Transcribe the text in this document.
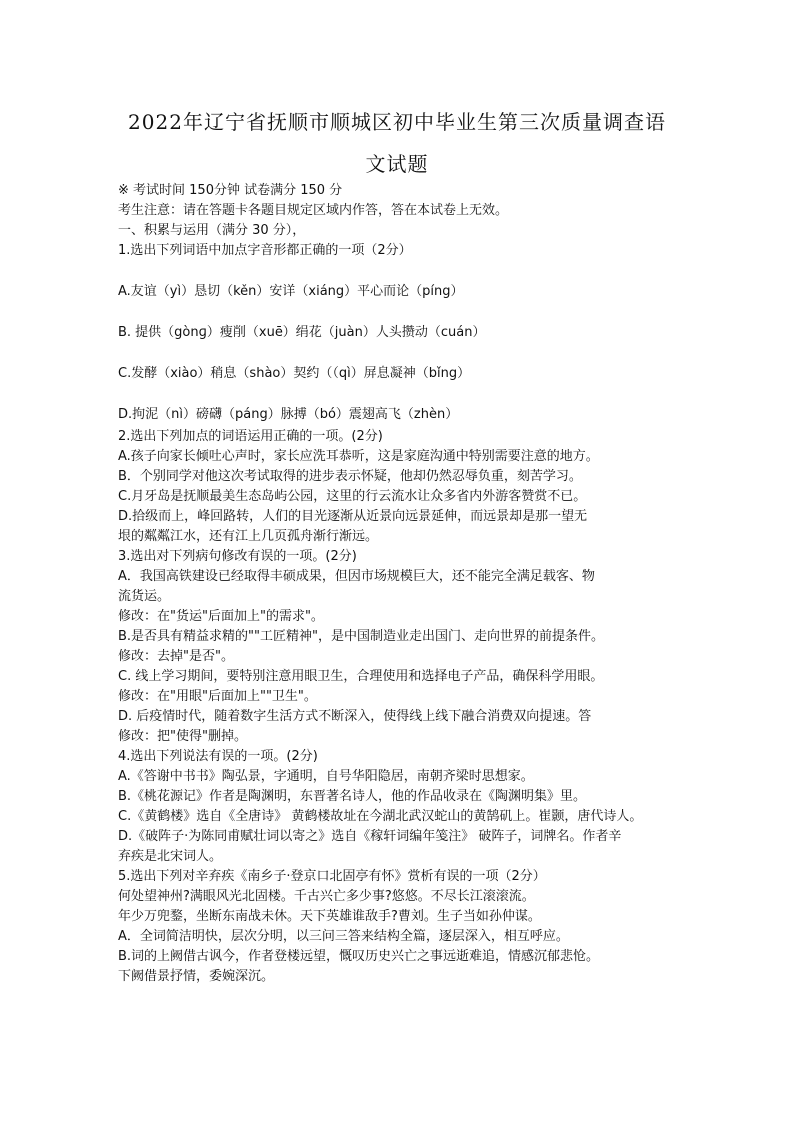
2022年辽宁省抚顺市顺城区初中毕业生第三次质量调查语
文试题
※ 考试时间 150分钟 试卷满分 150 分
考生注意：请在答题卡各题目规定区域内作答，答在本试卷上无效。
一、积累与运用（满分 30 分），
1.选出下列词语中加点字音形都正确的一项（2分）
A.友谊（yì）恳切（kěn）安详（xiáng）平心而论（píng）
B. 提供（gònɡ）瘦削（xuē）绢花（juàn）人头攒动（cuán）
C.发酵（xiào）稍息（shào）契约（（qì）屏息凝神（bǐng）
D.拘泥（nì）磅礴（páng）脉搏（bó）震翅高飞（zhèn）
2.选出下列加点的词语运用正确的一项。(2分)
A.孩子向家长倾吐心声时，家长应洗耳恭听，这是家庭沟通中特别需要注意的地方。
B．个别同学对他这次考试取得的进步表示怀疑，他却仍然忍辱负重，刻苦学习。
C.月牙岛是抚顺最美生态岛屿公园，这里的行云流水让众多省内外游客赞赏不已。
D.拾级而上，峰回路转，人们的目光逐渐从近景向远景延伸，而远景却是那一望无
垠的粼粼江水，还有江上几页孤舟渐行渐远。
3.选出对下列病句修改有误的一项。(2分)
A．我国高铁建设已经取得丰硕成果，但因市场规模巨大，还不能完全满足载客、物
流货运。
修改：在"货运"后面加上"的需求"。
B.是否具有精益求精的""工匠精神"，是中国制造业走出国门、走向世界的前提条件。
修改：去掉"是否"。
C. 线上学习期间，要特别注意用眼卫生，合理使用和选择电子产品，确保科学用眼。
修改：在"用眼"后面加上""卫生"。
D. 后疫情时代，随着数字生活方式不断深入，使得线上线下融合消费双向提速。答
修改：把"使得"删掉。
4.选出下列说法有误的一项。(2分)
A.《答谢中书书》陶弘景，字通明，自号华阳隐居，南朝齐梁时思想家。
B.《桃花源记》作者是陶渊明，东晋著名诗人，他的作品收录在《陶渊明集》里。
C.《黄鹤楼》选自《全唐诗》 黄鹤楼故址在今湖北武汉蛇山的黄鹄矶上。崔颢，唐代诗人。
D.《破阵子·为陈同甫赋壮词以寄之》选自《稼轩词编年笺注》 破阵子，词牌名。作者辛
弃疾是北宋词人。
5.选出下列对辛弃疾《南乡子·登京口北固亭有怀》赏析有误的一项（2分）
何处望神州?满眼风光北固楼。千古兴亡多少事?悠悠。不尽长江滚滚流。
年少万兜鍪，坐断东南战未休。天下英雄谁敌手?曹刘。生子当如孙仲谋。
A．全词简洁明快，层次分明，以三问三答来结构全篇，逐层深入，相互呼应。
B.词的上阙借古讽今，作者登楼远望，慨叹历史兴亡之事远逝难追，情感沉郁悲怆。
下阙借景抒情，委婉深沉。
